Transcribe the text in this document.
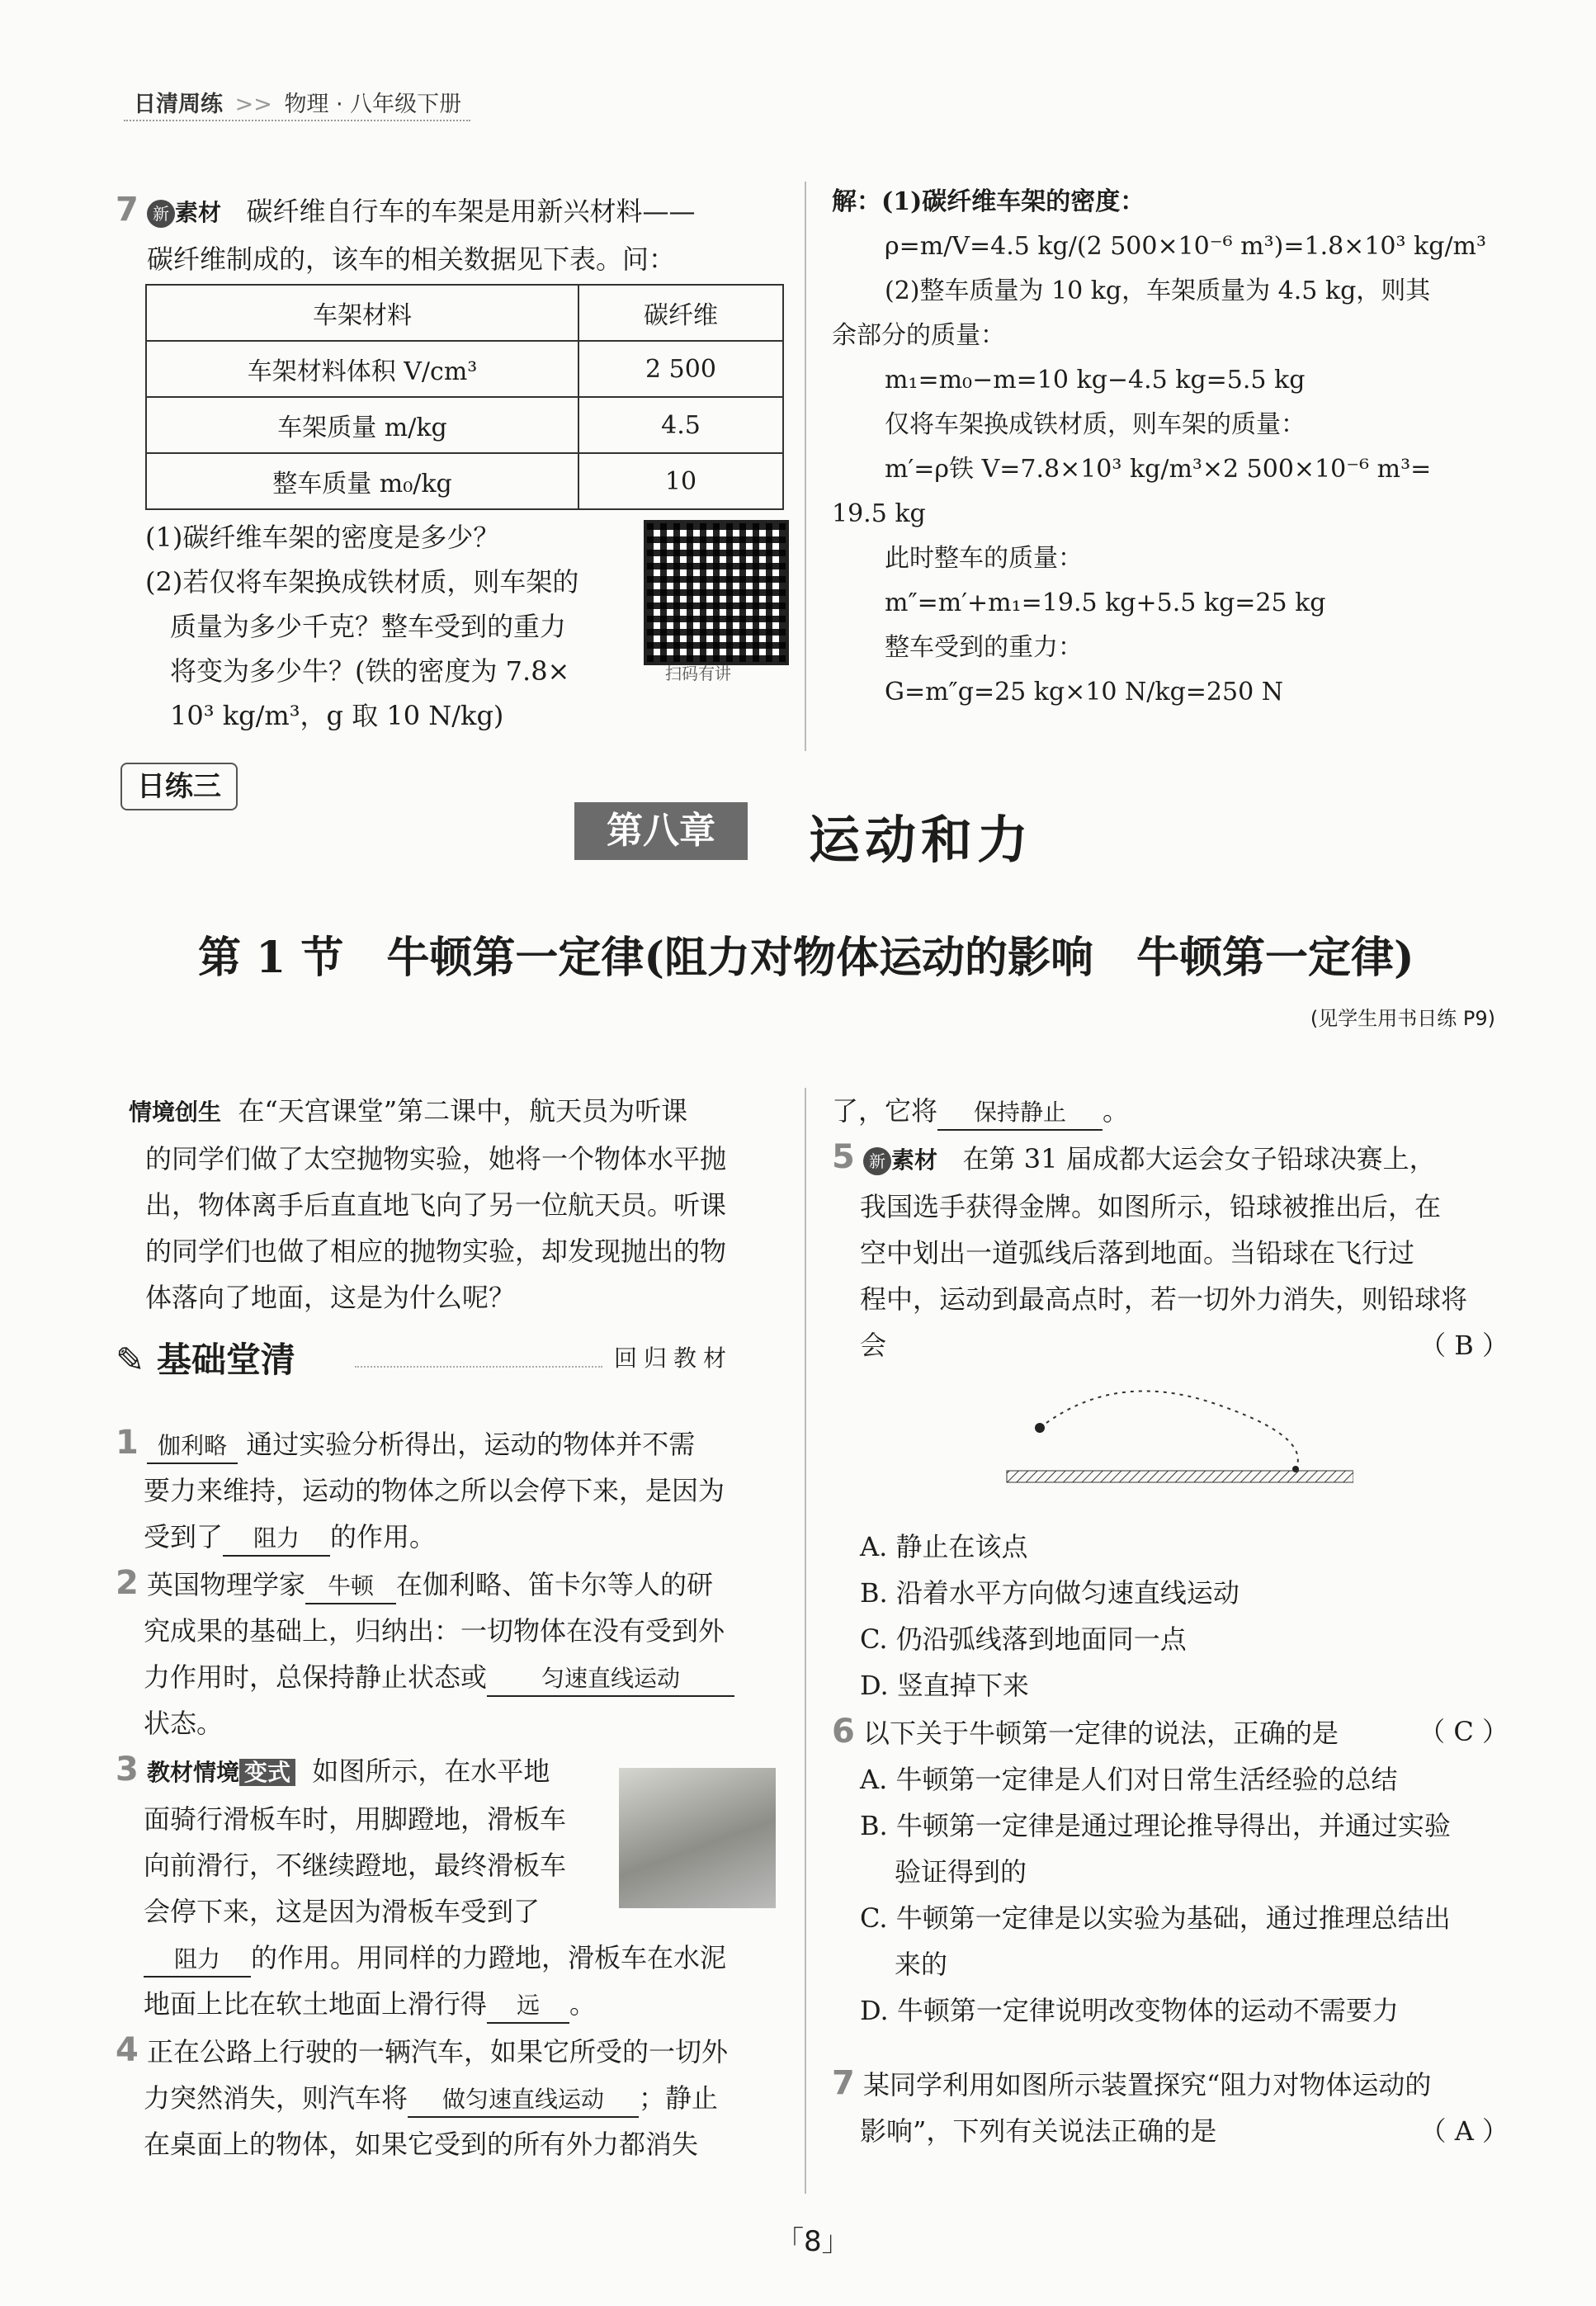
日清周练 >> 物理 · 八年级下册
7 新 素材 碳纤维自行车的车架是用新兴材料——
碳纤维制成的，该车的相关数据见下表。问：
车架材料	碳纤维
车架材料体积 V/cm³	2 500
车架质量 m/kg	4.5
整车质量 m₀/kg	10
(1)碳纤维车架的密度是多少？
(2)若仅将车架换成铁材质，则车架的
质量为多少千克？整车受到的重力
将变为多少牛？(铁的密度为 7.8×
10³ kg/m³，g 取 10 N/kg)
扫码有讲
解：(1)碳纤维车架的密度：
ρ=m/V=4.5 kg/(2 500×10⁻⁶ m³)=1.8×10³ kg/m³
(2)整车质量为 10 kg，车架质量为 4.5 kg，则其
余部分的质量：
m₁=m₀−m=10 kg−4.5 kg=5.5 kg
仅将车架换成铁材质，则车架的质量：
m′=ρ铁 V=7.8×10³ kg/m³×2 500×10⁻⁶ m³=
19.5 kg
此时整车的质量：
m″=m′+m₁=19.5 kg+5.5 kg=25 kg
整车受到的重力：
G=m″g=25 kg×10 N/kg=250 N
日练三
第八章	运动和力
第 1 节　牛顿第一定律(阻力对物体运动的影响　牛顿第一定律)
(见学生用书日练 P9)
情境创生 在“天宫课堂”第二课中，航天员为听课
的同学们做了太空抛物实验，她将一个物体水平抛
出，物体离手后直直地飞向了另一位航天员。听课
的同学们也做了相应的抛物实验，却发现抛出的物
体落向了地面，这是为什么呢？
✎ 基础堂清	回归教材
1 伽利略 通过实验分析得出，运动的物体并不需
要力来维持，运动的物体之所以会停下来，是因为
受到了 阻力 的作用。
2 英国物理学家 牛顿 在伽利略、笛卡尔等人的研
究成果的基础上，归纳出：一切物体在没有受到外
力作用时，总保持静止状态或 匀速直线运动
状态。
3 教材情境 变式 如图所示，在水平地
面骑行滑板车时，用脚蹬地，滑板车
向前滑行，不继续蹬地，最终滑板车
会停下来，这是因为滑板车受到了
阻力 的作用。用同样的力蹬地，滑板车在水泥
地面上比在软土地面上滑行得 远 。
4 正在公路上行驶的一辆汽车，如果它所受的一切外
力突然消失，则汽车将 做匀速直线运动 ；静止
在桌面上的物体，如果它受到的所有外力都消失
了，它将 保持静止 。
5 新 素材 在第 31 届成都大运会女子铅球决赛上，
我国选手获得金牌。如图所示，铅球被推出后，在
空中划出一道弧线后落到地面。当铅球在飞行过
程中，运动到最高点时，若一切外力消失，则铅球将
会	（ B ）
A. 静止在该点
B. 沿着水平方向做匀速直线运动
C. 仍沿弧线落到地面同一点
D. 竖直掉下来
6 以下关于牛顿第一定律的说法，正确的是	（ C ）
A. 牛顿第一定律是人们对日常生活经验的总结
B. 牛顿第一定律是通过理论推导得出，并通过实验
验证得到的
C. 牛顿第一定律是以实验为基础，通过推理总结出
来的
D. 牛顿第一定律说明改变物体的运动不需要力
7 某同学利用如图所示装置探究“阻力对物体运动的
影响”，下列有关说法正确的是	（ A ）
「 8 」
